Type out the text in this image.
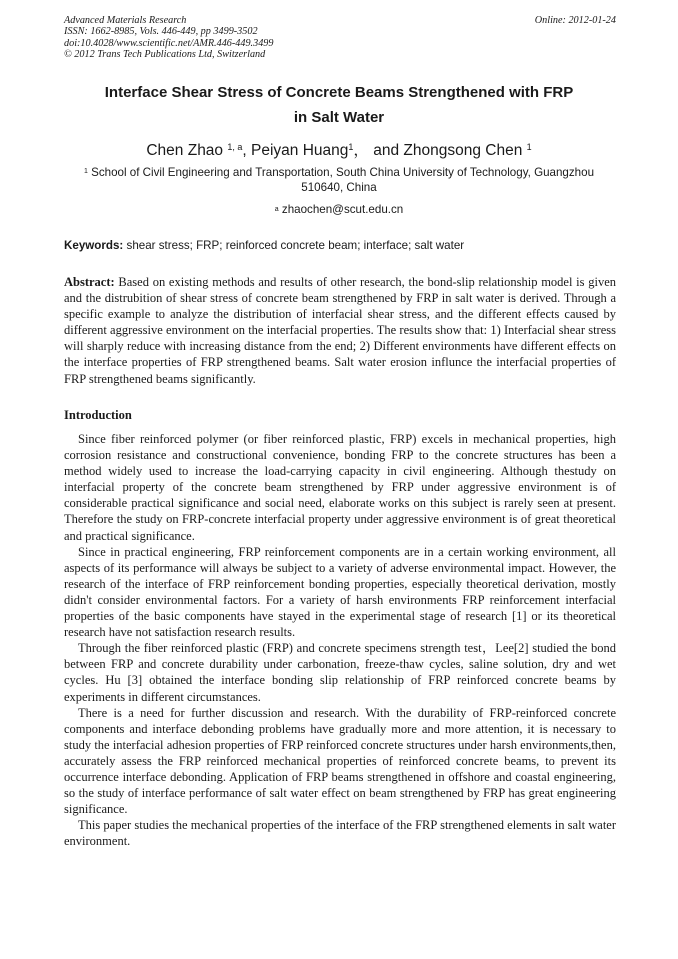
Advanced Materials Research
ISSN: 1662-8985, Vols. 446-449, pp 3499-3502
doi:10.4028/www.scientific.net/AMR.446-449.3499
© 2012 Trans Tech Publications Ltd, Switzerland
Online: 2012-01-24
Interface Shear Stress of Concrete Beams Strengthened with FRP
in Salt Water
Chen Zhao $^{1, a}$, Peiyan Huang$^1$， and Zhongsong Chen $^1$
$^1$ School of Civil Engineering and Transportation, South China University of Technology, Guangzhou 510640, China
$^a$ zhaochen@scut.edu.cn
Keywords: shear stress; FRP; reinforced concrete beam; interface; salt water
Abstract: Based on existing methods and results of other research, the bond-slip relationship model is given and the distrubition of shear stress of concrete beam strengthened by FRP in salt water is derived. Through a specific example to analyze the distribution of interfacial shear stress, and the different effects caused by different aggressive environment on the interfacial properties. The results show that: 1) Interfacial shear stress will sharply reduce with increasing distance from the end; 2) Different environments have different effects on the interface properties of FRP strengthened beams. Salt water erosion influnce the interfacial properties of FRP strengthened beams significantly.
Introduction

Since fiber reinforced polymer (or fiber reinforced plastic, FRP) excels in mechanical properties, high corrosion resistance and constructional convenience, bonding FRP to the concrete structures has been a method widely used to increase the load-carrying capacity in civil engineering. Although thestudy on interfacial property of the concrete beam strengthened by FRP under aggressive environment is of considerable practical significance and social need, elaborate works on this subject is rarely seen at present. Therefore the study on FRP-concrete interfacial property under aggressive environment is of great theoretical and practical significance.

Since in practical engineering, FRP reinforcement components are in a certain working environment, all aspects of its performance will always be subject to a variety of adverse environmental impact. However, the research of the interface of FRP reinforcement bonding properties, especially theoretical derivation, mostly didn't consider environmental factors. For a variety of harsh environments FRP reinforcement interfacial properties of the basic components have stayed in the experimental stage of research [1] or its theoretical research have not satisfaction research results.

Through the fiber reinforced plastic (FRP) and concrete specimens strength test，Lee[2] studied the bond between FRP and concrete durability under carbonation, freeze-thaw cycles, saline solution, dry and wet cycles. Hu [3] obtained the interface bonding slip relationship of FRP reinforced concrete beams by experiments in different circumstances.

There is a need for further discussion and research. With the durability of FRP-reinforced concrete components and interface debonding problems have gradually more and more attention, it is necessary to study the interfacial adhesion properties of FRP reinforced concrete structures under harsh environments,then, accurately assess the FRP reinforced mechanical properties of reinforced concrete beams, to prevent its occurrence interface debonding. Application of FRP beams strengthened in offshore and coastal engineering, so the study of interface performance of salt water effect on beam strengthened by FRP has great engineering significance.

This paper studies the mechanical properties of the interface of the FRP strengthened elements in salt water environment.
